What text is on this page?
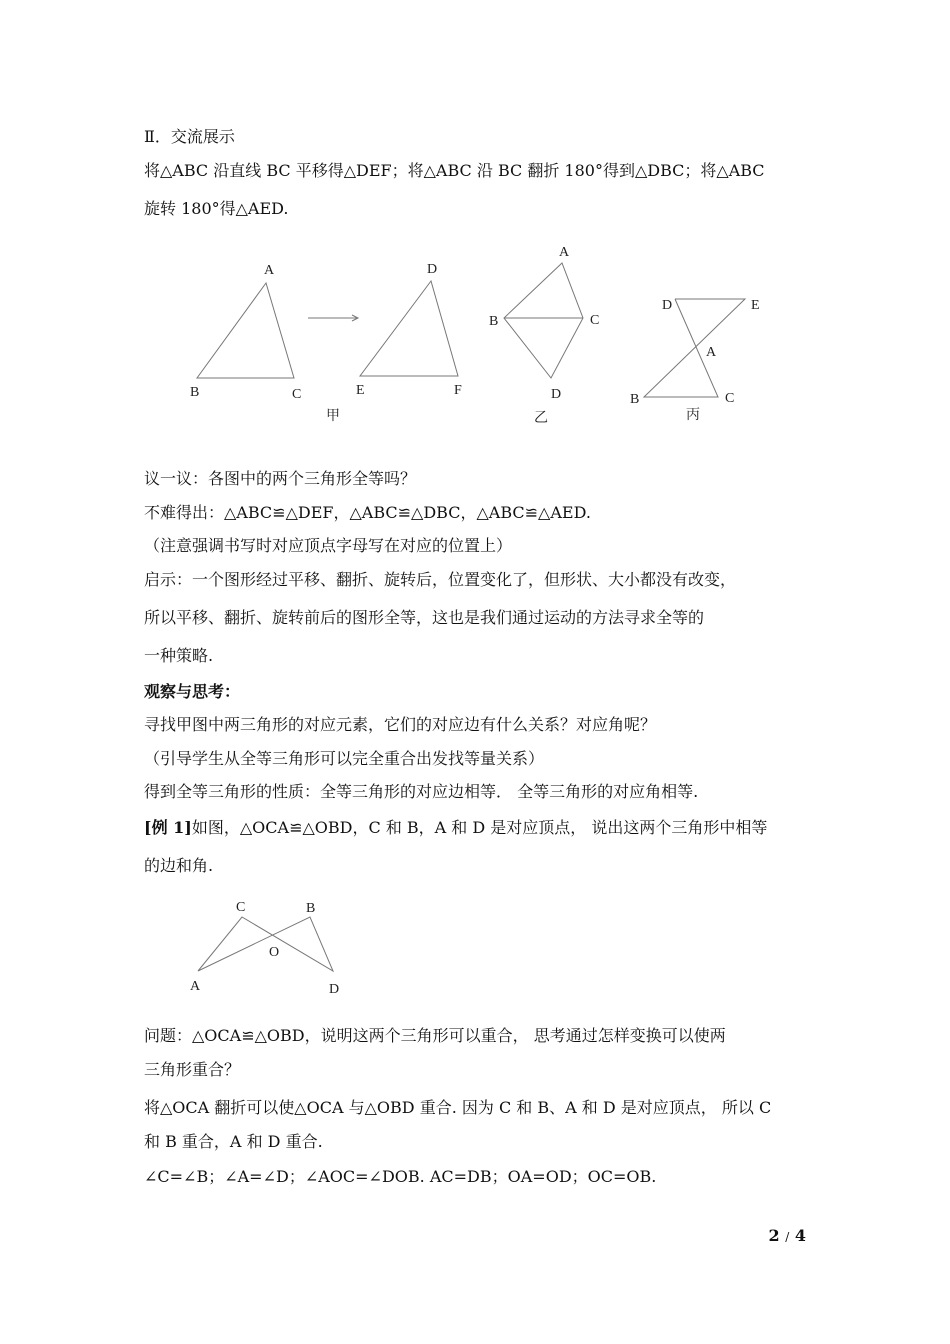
Ⅱ．交流展示
将△ABC 沿直线 BC 平移得△DEF；将△ABC 沿 BC 翻折 180°得到△DBC；将△ABC
旋转 180°得△AED.
A
B	C
D
E	F
甲
A
B	C
D
乙
D	E
A
B	C
丙
议一议：各图中的两个三角形全等吗？
不难得出：△ABC≌△DEF，△ABC≌△DBC，△ABC≌△AED.
（注意强调书写时对应顶点字母写在对应的位置上）
启示：一个图形经过平移、翻折、旋转后，位置变化了，但形状、大小都没有改变，
所以平移、翻折、旋转前后的图形全等，这也是我们通过运动的方法寻求全等的
一种策略.
观察与思考：
寻找甲图中两三角形的对应元素，它们的对应边有什么关系？对应角呢？
（引导学生从全等三角形可以完全重合出发找等量关系）
得到全等三角形的性质：全等三角形的对应边相等． 全等三角形的对应角相等.
[例 1]如图，△OCA≌△OBD，C 和 B，A 和 D 是对应顶点， 说出这两个三角形中相等
的边和角.
C	B
O
A	D
问题：△OCA≌△OBD，说明这两个三角形可以重合， 思考通过怎样变换可以使两
三角形重合？
将△OCA 翻折可以使△OCA 与△OBD 重合. 因为 C 和 B、A 和 D 是对应顶点， 所以 C
和 B 重合，A 和 D 重合.
∠C=∠B；∠A=∠D；∠AOC=∠DOB. AC=DB；OA=OD；OC=OB.
2 / 4
